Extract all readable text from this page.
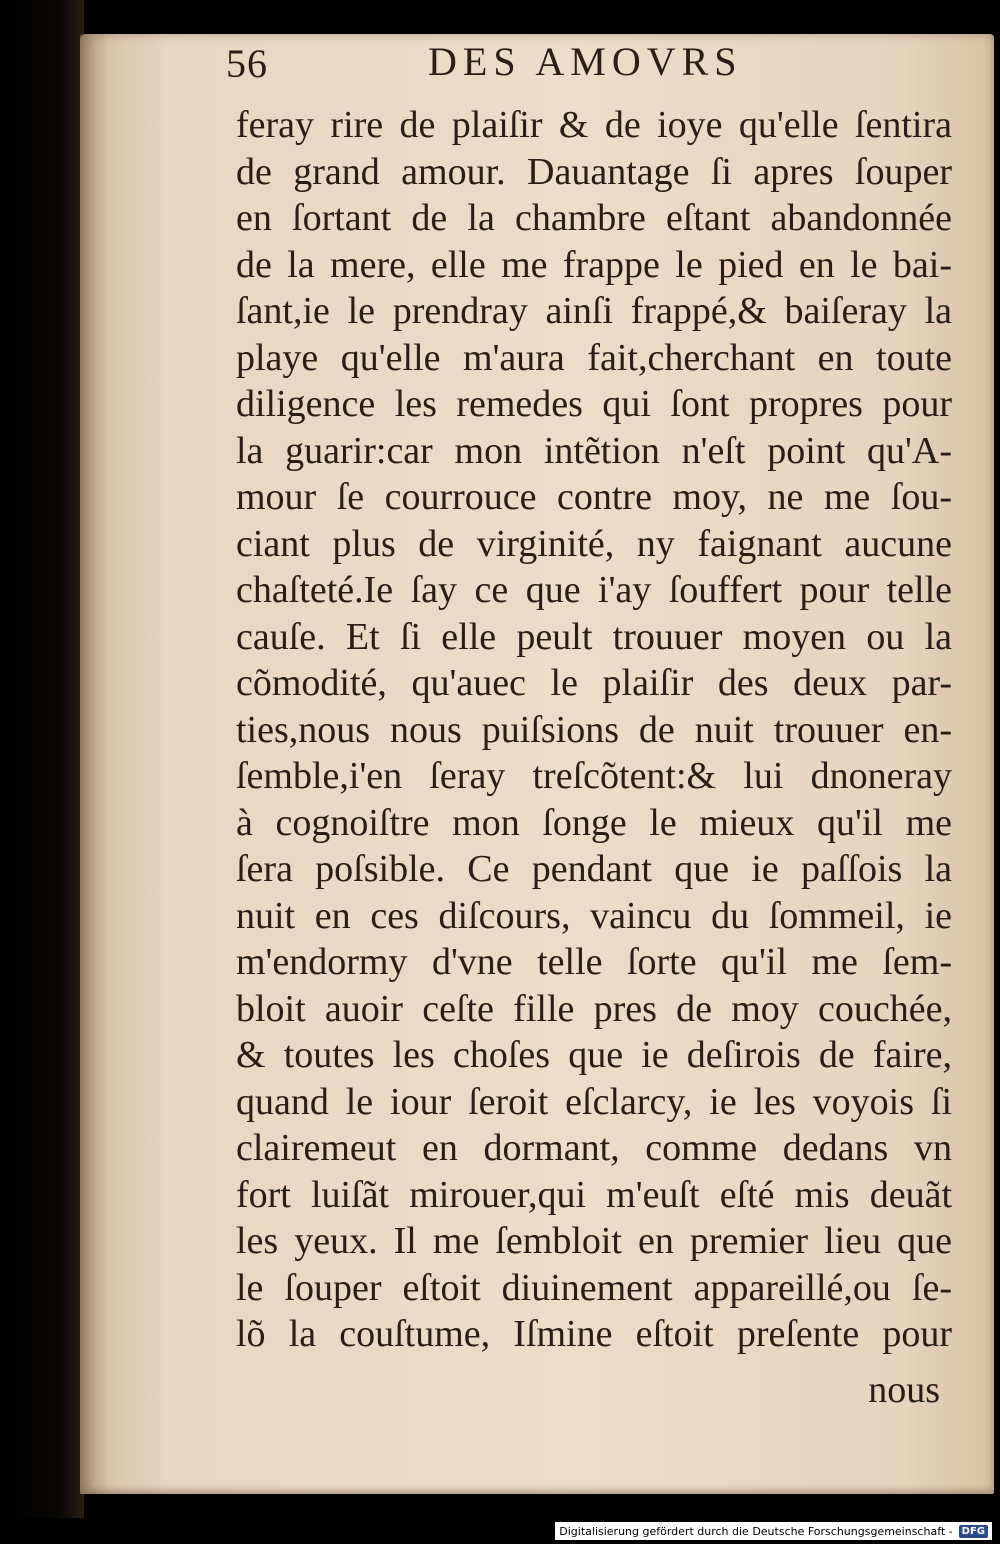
56	DES AMOVRS
feray rire de plaiſir & de ioye qu'elle ſentira
de grand amour. Dauantage ſi apres ſouper
en ſortant de la chambre eſtant abandonnée
de la mere, elle me frappe le pied en le bai-
ſant,ie le prendray ainſi frappé,& baiſeray la
playe qu'elle m'aura fait,cherchant en toute
diligence les remedes qui ſont propres pour
la guarir:car mon intẽtion n'eſt point qu'A-
mour ſe courrouce contre moy, ne me ſou-
ciant plus de virginité, ny faignant aucune
chaſteté.Ie ſay ce que i'ay ſouffert pour telle
cauſe. Et ſi elle peult trouuer moyen ou la
cõmodité, qu'auec le plaiſir des deux par-
ties,nous nous puiſsions de nuit trouuer en-
ſemble,i'en ſeray treſcõtent:& lui dnoneray
à cognoiſtre mon ſonge le mieux qu'il me
ſera poſsible. Ce pendant que ie paſſois la
nuit en ces diſcours, vaincu du ſommeil, ie
m'endormy d'vne telle ſorte qu'il me ſem-
bloit auoir ceſte fille pres de moy couchée,
& toutes les choſes que ie deſirois de faire,
quand le iour ſeroit eſclarcy, ie les voyois ſi
clairemeut en dormant, comme dedans vn
fort luiſãt mirouer,qui m'euſt eſté mis deuãt
les yeux. Il me ſembloit en premier lieu que
le ſouper eſtoit diuinement appareillé,ou ſe-
lõ la couſtume, Iſmine eſtoit preſente pour
nous
Digitalisierung gefördert durch die Deutsche Forschungsgemeinschaft - DFG
